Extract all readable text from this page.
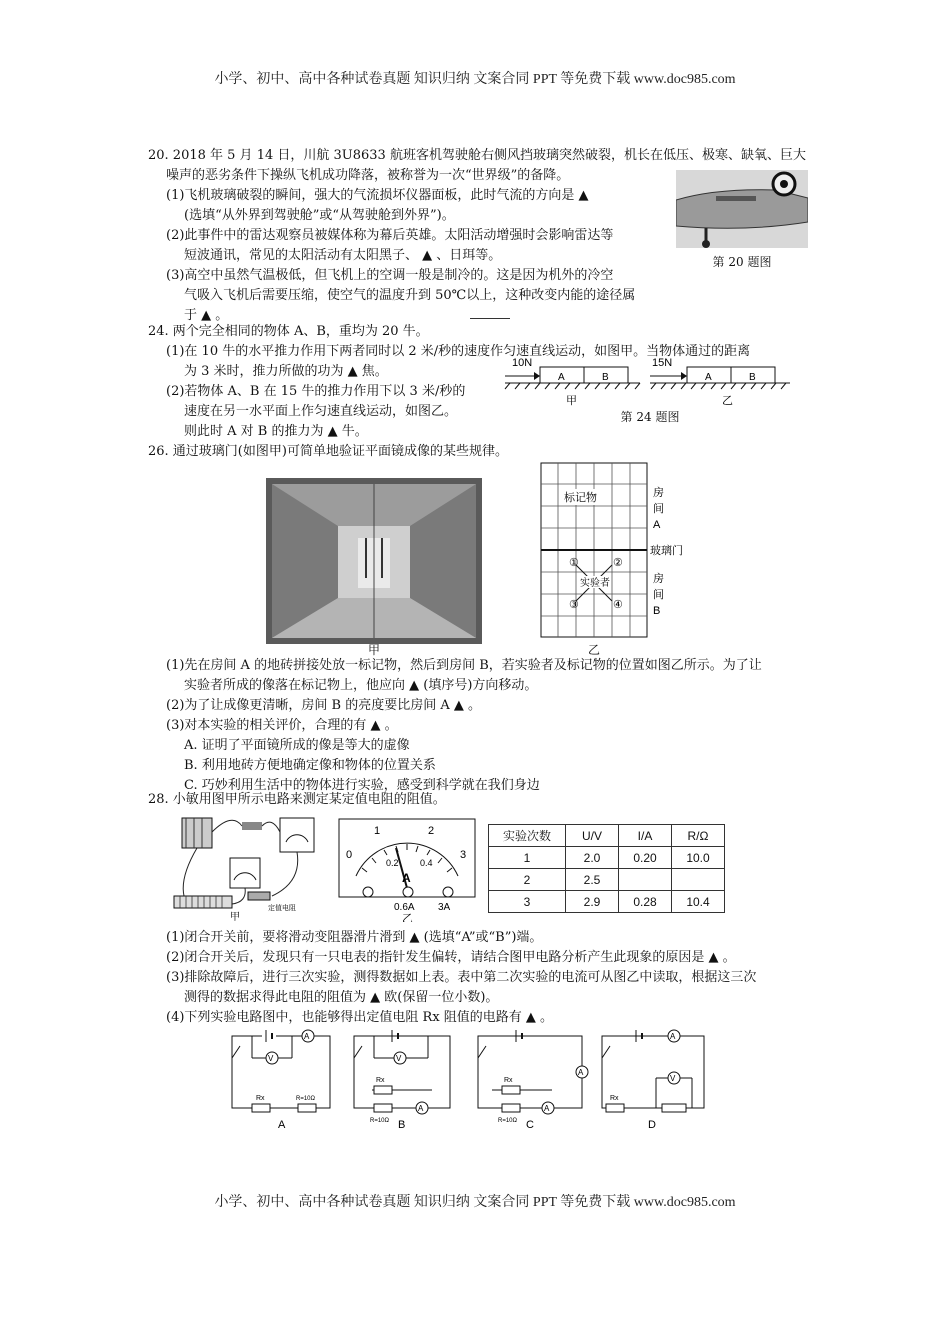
小学、初中、高中各种试卷真题 知识归纳 文案合同 PPT 等免费下载 www.doc985.com
20. 2018 年 5 月 14 日，川航 3U8633 航班客机驾驶舱右侧风挡玻璃突然破裂，机长在低压、极寒、缺氧、巨大
噪声的恶劣条件下操纵飞机成功降落，被称誉为一次“世界级”的备降。
(1)飞机玻璃破裂的瞬间，强大的气流损坏仪器面板，此时气流的方向是 ▲
(选填“从外界到驾驶舱”或“从驾驶舱到外界”)。
(2)此事件中的雷达观察员被媒体称为幕后英雄。太阳活动增强时会影响雷达等
短波通讯，常见的太阳活动有太阳黑子、 ▲ 、日珥等。
(3)高空中虽然气温极低，但飞机上的空调一般是制冷的。这是因为机外的冷空
气吸入飞机后需要压缩，使空气的温度升到 50℃以上，这种改变内能的途径属
于 ▲ 。
第 20 题图
24. 两个完全相同的物体 A、B，重均为 20 牛。
(1)在 10 牛的水平推力作用下两者同时以 2 米/秒的速度作匀速直线运动，如图甲。当物体通过的距离
为 3 米时，推力所做的功为 ▲ 焦。
(2)若物体 A、B 在 15 牛的推力作用下以 3 米/秒的
速度在另一水平面上作匀速直线运动，如图乙。
则此时 A 对 B 的推力为 ▲ 牛。
10N
A	B
甲
15N
A	B
乙
第 24 题图
26. 通过玻璃门(如图甲)可简单地验证平面镜成像的某些规律。
甲
标记物	房
间
A
玻璃门
房
间
B
实验者
①	②
③	④
乙
(1)先在房间 A 的地砖拼接处放一标记物，然后到房间 B，若实验者及标记物的位置如图乙所示。为了让
实验者所成的像落在标记物上，他应向 ▲ (填序号)方向移动。
(2)为了让成像更清晰，房间 B 的亮度要比房间 A ▲ 。
(3)对本实验的相关评价，合理的有 ▲ 。
A. 证明了平面镜所成的像是等大的虚像
B. 利用地砖方便地确定像和物体的位置关系
C. 巧妙利用生活中的物体进行实验，感受到科学就在我们身边
28. 小敏用图甲所示电路来测定某定值电阻的阻值。
定值电阻
甲
1	2
0.2 0.4
0	3
A
0.6A 3A
乙
实验次数	U/V	I/A	R/Ω
1	2.0	0.20	10.0
2	2.5		
3	2.9	0.28	10.4
(1)闭合开关前，要将滑动变阻器滑片滑到 ▲ (选填“A”或“B”)端。
(2)闭合开关后，发现只有一只电表的指针发生偏转，请结合图甲电路分析产生此现象的原因是 ▲ 。
(3)排除故障后，进行三次实验，测得数据如上表。表中第二次实验的电流可从图乙中读取，根据这三次
测得的数据求得此电阻的阻值为 ▲ 欧(保留一位小数)。
(4)下列实验电路图中，也能够得出定值电阻 Rx 阻值的电路有 ▲ 。
A
V
Rx	R=10Ω
A
V
Rx
R=10Ω
A
B
A
Rx
R=10Ω
A
C
A
Rx
V
D
小学、初中、高中各种试卷真题 知识归纳 文案合同 PPT 等免费下载 www.doc985.com
